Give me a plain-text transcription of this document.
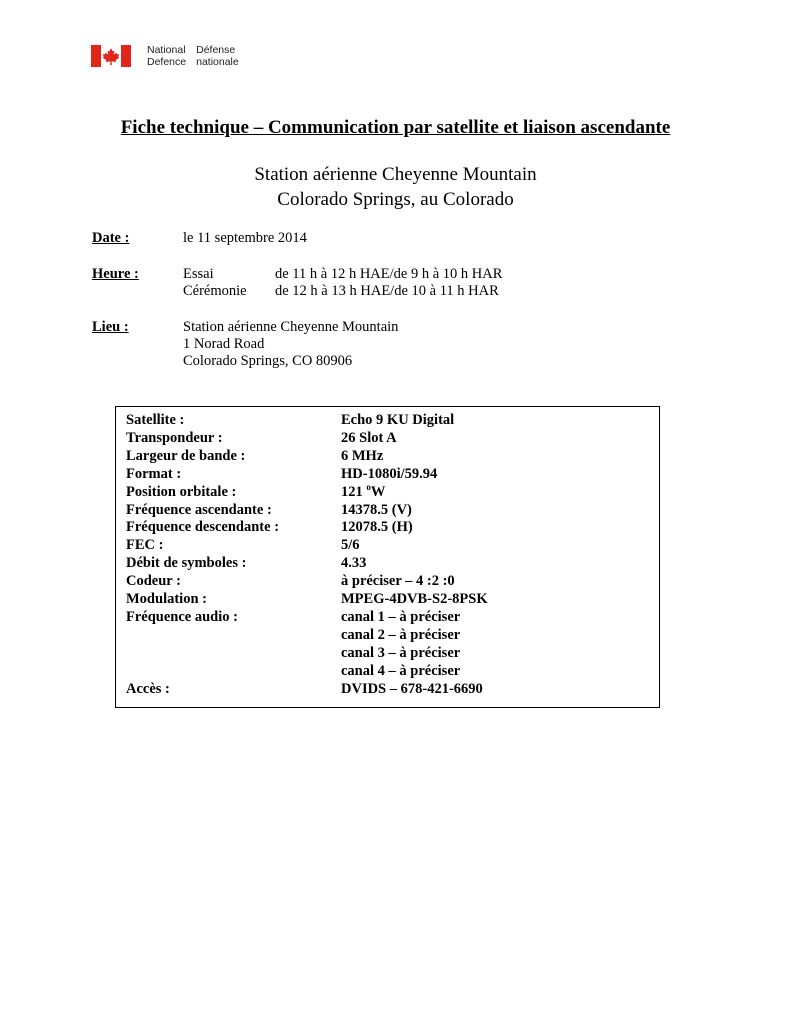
National Défense
Defence nationale
Fiche technique – Communication par satellite et liaison ascendante
Station aérienne Cheyenne Mountain
Colorado Springs, au Colorado
Date :	le 11 septembre 2014
Heure :	Essai	de 11 h à 12 h HAE/de 9 h à 10 h HAR
Cérémonie de 12 h à 13 h HAE/de 10 à 11 h HAR
Lieu :	Station aérienne Cheyenne Mountain
1 Norad Road
Colorado Springs, CO 80906
Satellite :	Echo 9 KU Digital
Transpondeur :	26 Slot A
Largeur de bande :	6 MHz
Format :	HD-1080i/59.94
Position orbitale :	121 $^o$W
Fréquence ascendante :	14378.5 (V)
Fréquence descendante :	12078.5 (H)
FEC :	5/6
Débit de symboles :	4.33
Codeur :	à préciser – 4 :2 :0
Modulation :	MPEG-4DVB-S2-8PSK
Fréquence audio :	canal 1 – à préciser
	canal 2 – à préciser
	canal 3 – à préciser
	canal 4 – à préciser
Accès :	DVIDS – 678-421-6690
